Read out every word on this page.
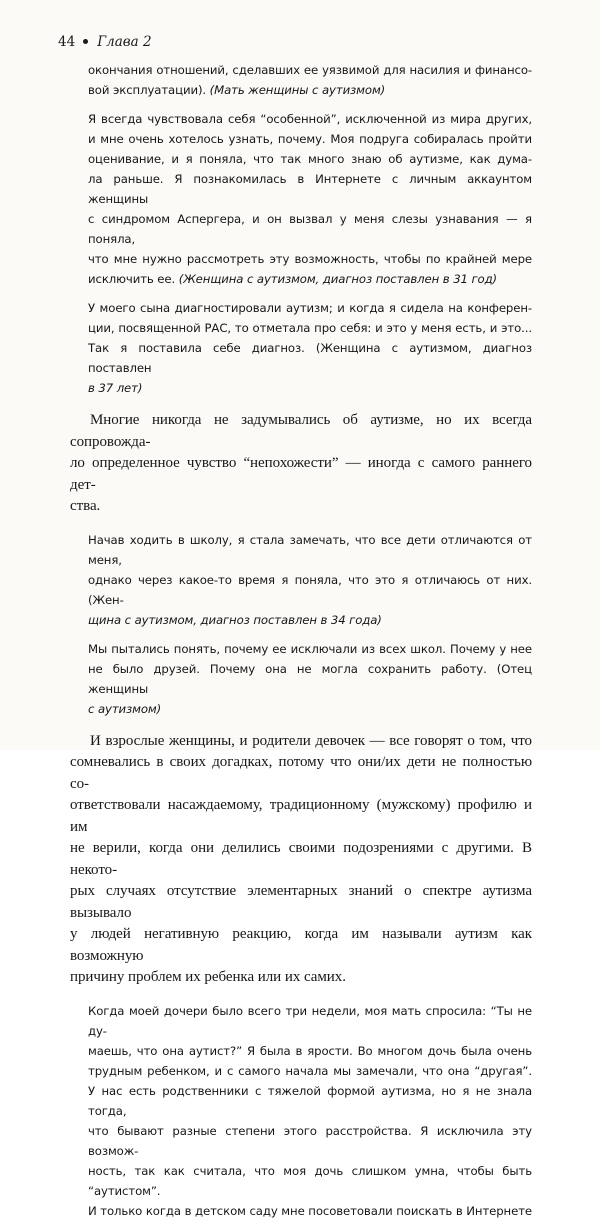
44 Глава 2
окончания отношений, сделавших ее уязвимой для насилия и финансо-
вой эксплуатации). (Мать женщины с аутизмом)
Я всегда чувствовала себя “особенной”, исключенной из мира других,
и мне очень хотелось узнать, почему. Моя подруга собиралась пройти
оценивание, и я поняла, что так много знаю об аутизме, как дума-
ла раньше. Я познакомилась в Интернете с личным аккаунтом женщины
с синдромом Аспергера, и он вызвал у меня слезы узнавания — я поняла,
что мне нужно рассмотреть эту возможность, чтобы по крайней мере
исключить ее. (Женщина с аутизмом, диагноз поставлен в 31 год)
У моего сына диагностировали аутизм; и когда я сидела на конферен-
ции, посвященной РАС, то отметала про себя: и это у меня есть, и это...
Так я поставила себе диагноз. (Женщина с аутизмом, диагноз поставлен
в 37 лет)
Многие никогда не задумывались об аутизме, но их всегда сопровожда-
ло определенное чувство “непохожести” — иногда с самого раннего дет-
ства.
Начав ходить в школу, я стала замечать, что все дети отличаются от меня,
однако через какое-то время я поняла, что это я отличаюсь от них. (Жен-
щина с аутизмом, диагноз поставлен в 34 года)
Мы пытались понять, почему ее исключали из всех школ. Почему у нее
не было друзей. Почему она не могла сохранить работу. (Отец женщины
с аутизмом)
И взрослые женщины, и родители девочек — все говорят о том, что
сомневались в своих догадках, потому что они/их дети не полностью со-
ответствовали насаждаемому, традиционному (мужскому) профилю и им
не верили, когда они делились своими подозрениями с другими. В некото-
рых случаях отсутствие элементарных знаний о спектре аутизма вызывало
у людей негативную реакцию, когда им называли аутизм как возможную
причину проблем их ребенка или их самих.
Когда моей дочери было всего три недели, моя мать спросила: “Ты не ду-
маешь, что она аутист?” Я была в ярости. Во многом дочь была очень
трудным ребенком, и с самого начала мы замечали, что она “другая”.
У нас есть родственники с тяжелой формой аутизма, но я не знала тогда,
что бывают разные степени этого расстройства. Я исключила эту возмож-
ность, так как считала, что моя дочь слишком умна, чтобы быть “аутистом”.
И только когда в детском саду мне посоветовали поискать в Интернете
